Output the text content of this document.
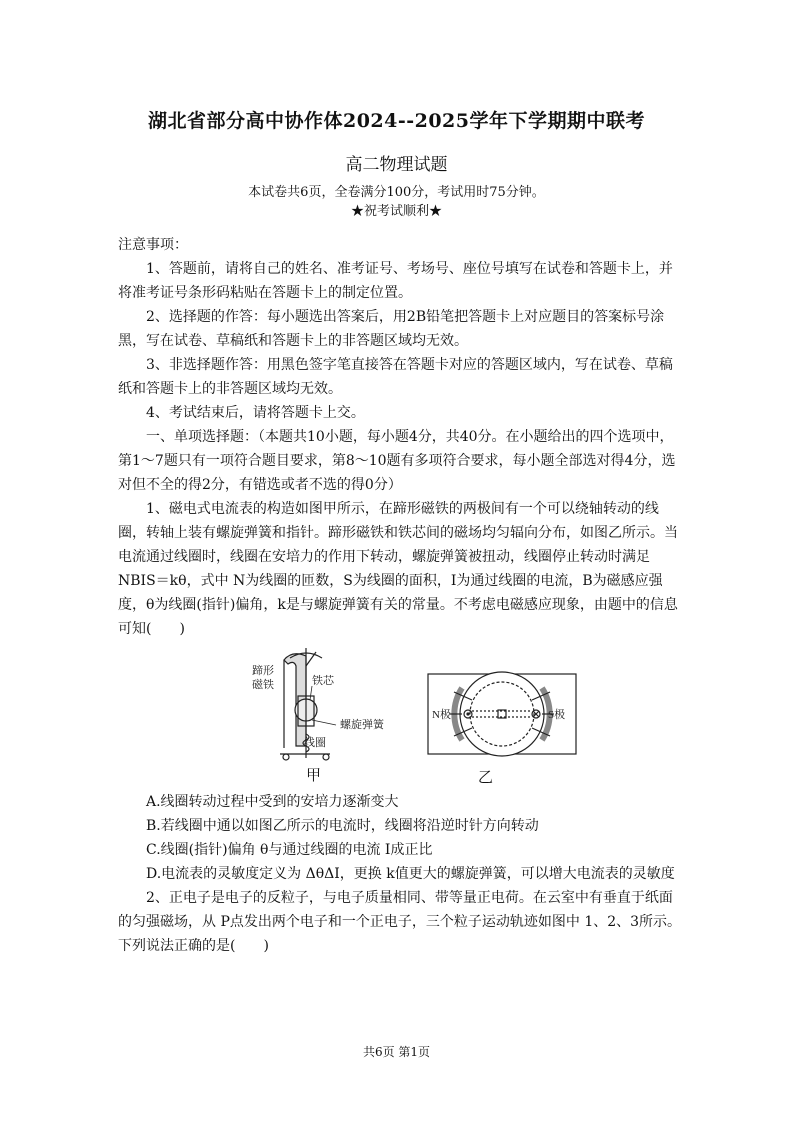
湖北省部分高中协作体2024--2025学年下学期期中联考
高二物理试题
本试卷共6页，全卷满分100分，考试用时75分钟。
★祝考试顺利★

注意事项：

1、答题前，请将自己的姓名、准考证号、考场号、座位号填写在试卷和答题卡上，并将准考证号条形码粘贴在答题卡上的制定位置。

2、选择题的作答：每小题选出答案后，用2B铅笔把答题卡上对应题目的答案标号涂黑，写在试卷、草稿纸和答题卡上的非答题区域均无效。

3、非选择题作答：用黑色签字笔直接答在答题卡对应的答题区域内，写在试卷、草稿纸和答题卡上的非答题区域均无效。

4、考试结束后，请将答题卡上交。

一、单项选择题：（本题共10小题，每小题4分，共40分。在小题给出的四个选项中，第1～7题只有一项符合题目要求，第8～10题有多项符合要求，每小题全部选对得4分，选对但不全的得2分，有错选或者不选的得0分）

1、磁电式电流表的构造如图甲所示，在蹄形磁铁的两极间有一个可以绕轴转动的线圈，转轴上装有螺旋弹簧和指针。蹄形磁铁和铁芯间的磁场均匀辐向分布，如图乙所示。当电流通过线圈时，线圈在安培力的作用下转动，螺旋弹簧被扭动，线圈停止转动时满足 NBIS＝kθ，式中 N为线圈的匝数，S为线圈的面积，I为通过线圈的电流，B为磁感应强度，θ为线圈(指针)偏角，k是与螺旋弹簧有关的常量。不考虑电磁感应现象，由题中的信息可知(　　)

蹄形
磁铁	铁芯
螺旋弹簧
线圈
N极	S极
甲	乙

A.线圈转动过程中受到的安培力逐渐变大

B.若线圈中通以如图乙所示的电流时，线圈将沿逆时针方向转动

C.线圈(指针)偏角 θ与通过线圈的电流 I成正比

D.电流表的灵敏度定义为 ΔθΔI，更换 k值更大的螺旋弹簧，可以增大电流表的灵敏度

2、正电子是电子的反粒子，与电子质量相同、带等量正电荷。在云室中有垂直于纸面的匀强磁场，从 P点发出两个电子和一个正电子，三个粒子运动轨迹如图中 1、2、3所示。下列说法正确的是(　　)

共6页 第1页
